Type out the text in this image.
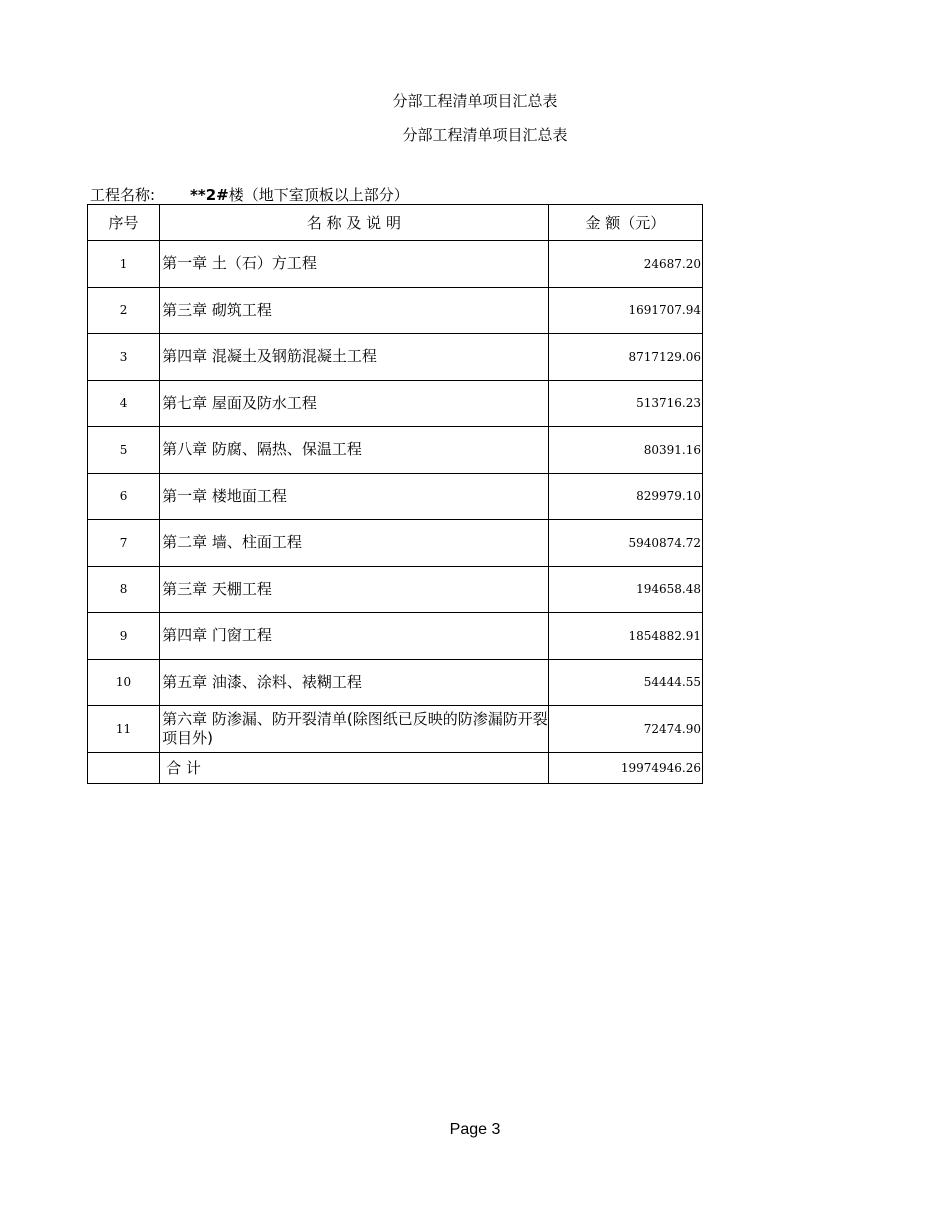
分部工程清单项目汇总表
分部工程清单项目汇总表
工程名称: **2#楼（地下室顶板以上部分）
序号	名 称 及 说 明	金 额（元）
1	第一章 土（石）方工程	24687.20
2	第三章 砌筑工程	1691707.94
3	第四章 混凝土及钢筋混凝土工程	8717129.06
4	第七章 屋面及防水工程	513716.23
5	第八章 防腐、隔热、保温工程	80391.16
6	第一章 楼地面工程	829979.10
7	第二章 墙、柱面工程	5940874.72
8	第三章 天棚工程	194658.48
9	第四章 门窗工程	1854882.91
10	第五章 油漆、涂料、裱糊工程	54444.55
11	第六章 防渗漏、防开裂清单(除图纸已反映的防渗漏防开裂项目外)	72474.90
	合 计	19974946.26
Page 3
